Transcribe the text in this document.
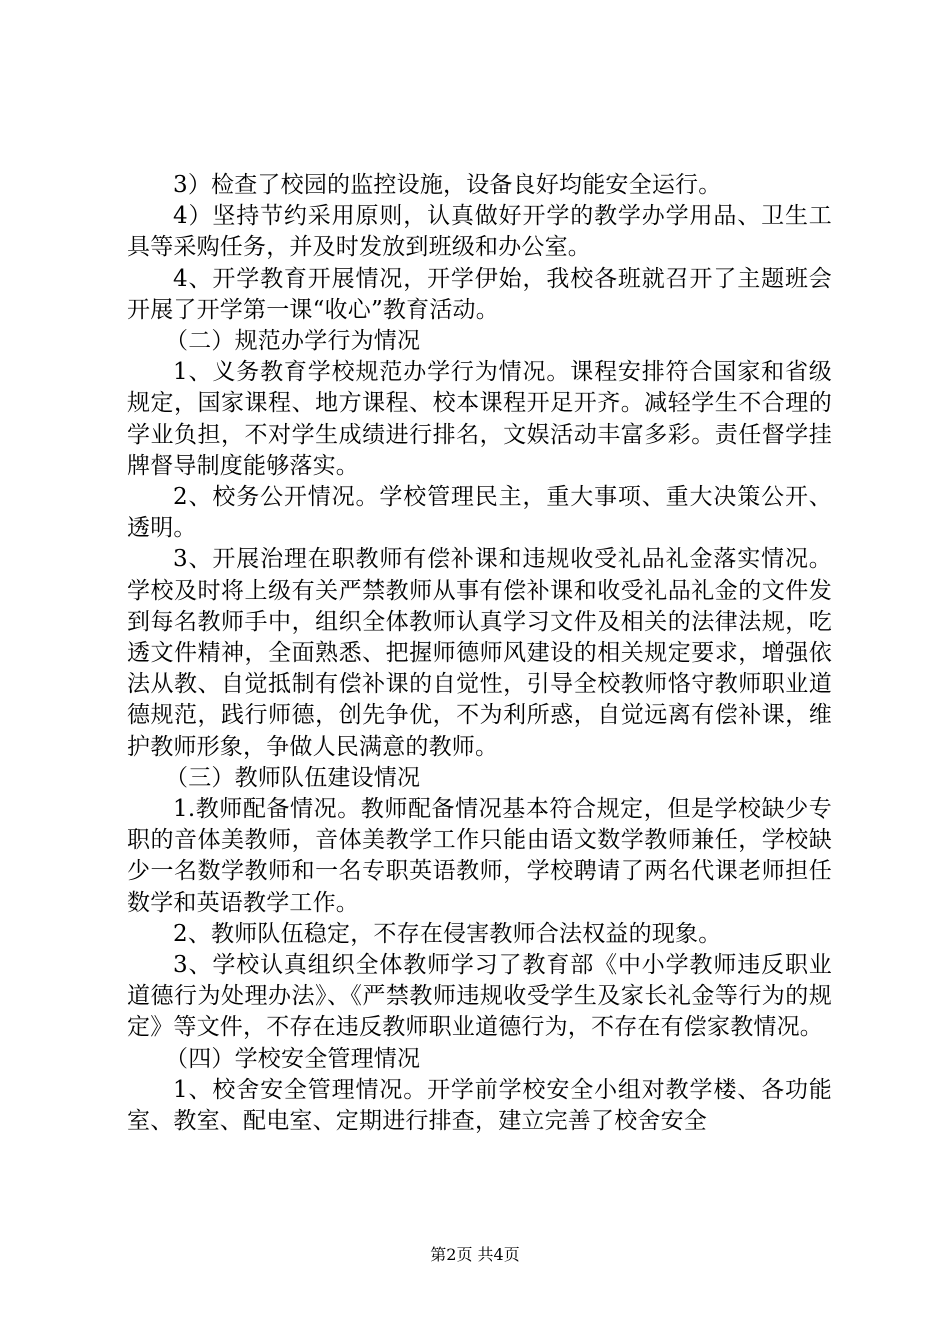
3）检查了校园的监控设施，设备良好均能安全运行。

4）坚持节约采用原则，认真做好开学的教学办学用品、卫生工具等采购任务，并及时发放到班级和办公室。

4、开学教育开展情况，开学伊始，我校各班就召开了主题班会开展了开学第一课“收心”教育活动。

（二）规范办学行为情况

1、义务教育学校规范办学行为情况。课程安排符合国家和省级规定，国家课程、地方课程、校本课程开足开齐。减轻学生不合理的学业负担，不对学生成绩进行排名，文娱活动丰富多彩。责任督学挂牌督导制度能够落实。

2、校务公开情况。学校管理民主，重大事项、重大决策公开、透明。

3、开展治理在职教师有偿补课和违规收受礼品礼金落实情况。学校及时将上级有关严禁教师从事有偿补课和收受礼品礼金的文件发到每名教师手中，组织全体教师认真学习文件及相关的法律法规，吃透文件精神，全面熟悉、把握师德师风建设的相关规定要求，增强依法从教、自觉抵制有偿补课的自觉性，引导全校教师恪守教师职业道德规范，践行师德，创先争优，不为利所惑，自觉远离有偿补课，维护教师形象，争做人民满意的教师。

（三）教师队伍建设情况

1.教师配备情况。教师配备情况基本符合规定，但是学校缺少专职的音体美教师，音体美教学工作只能由语文数学教师兼任，学校缺少一名数学教师和一名专职英语教师，学校聘请了两名代课老师担任数学和英语教学工作。

2、教师队伍稳定，不存在侵害教师合法权益的现象。

3、学校认真组织全体教师学习了教育部《中小学教师违反职业道德行为处理办法》、《严禁教师违规收受学生及家长礼金等行为的规定》等文件，不存在违反教师职业道德行为，不存在有偿家教情况。

（四）学校安全管理情况

1、校舍安全管理情况。开学前学校安全小组对教学楼、各功能室、教室、配电室、定期进行排查，建立完善了校舍安全

第2页 共4页
